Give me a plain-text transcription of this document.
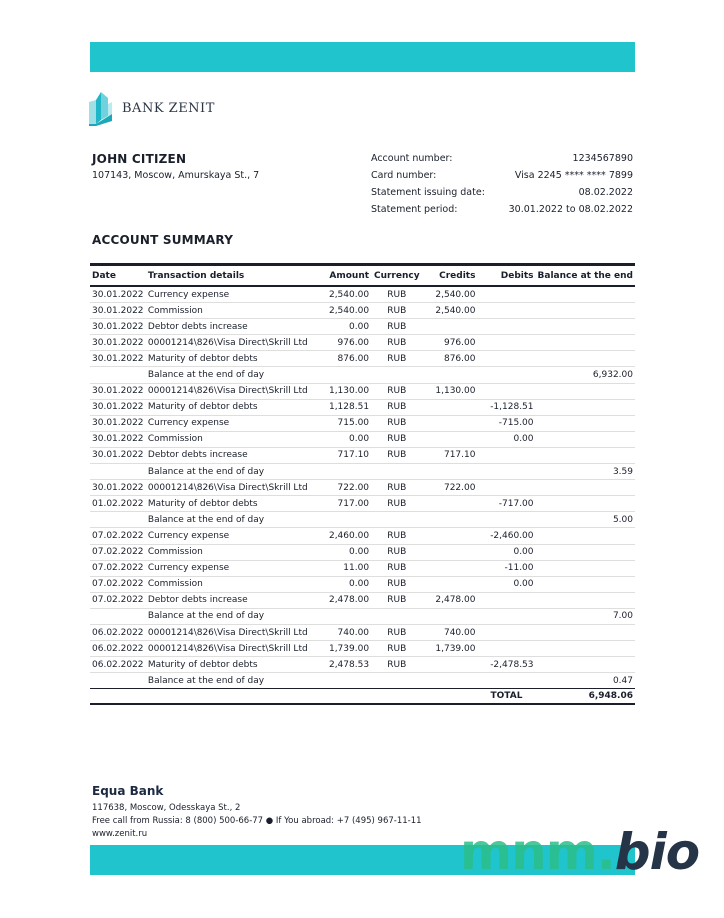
BANK ZENIT
JOHN CITIZEN
107143, Moscow, Amurskaya St., 7
Account number:	1234567890
Card number:	Visa 2245 **** **** 7899
Statement issuing date:	08.02.2022
Statement period:	30.01.2022 to 08.02.2022
ACCOUNT SUMMARY
Date	Transaction details	Amount	Currency	Credits	Debits	Balance at the end
30.01.2022	Currency expense	2,540.00	RUB	2,540.00		
30.01.2022	Commission	2,540.00	RUB	2,540.00		
30.01.2022	Debtor debts increase	0.00	RUB			
30.01.2022	00001214\826\Visa Direct\Skrill Ltd	976.00	RUB	976.00		
30.01.2022	Maturity of debtor debts	876.00	RUB	876.00		
	Balance at the end of day					6,932.00
30.01.2022	00001214\826\Visa Direct\Skrill Ltd	1,130.00	RUB	1,130.00		
30.01.2022	Maturity of debtor debts	1,128.51	RUB		-1,128.51	
30.01.2022	Currency expense	715.00	RUB		-715.00	
30.01.2022	Commission	0.00	RUB		0.00	
30.01.2022	Debtor debts increase	717.10	RUB	717.10		
	Balance at the end of day					3.59
30.01.2022	00001214\826\Visa Direct\Skrill Ltd	722.00	RUB	722.00		
01.02.2022	Maturity of debtor debts	717.00	RUB		-717.00	
	Balance at the end of day					5.00
07.02.2022	Currency expense	2,460.00	RUB		-2,460.00	
07.02.2022	Commission	0.00	RUB		0.00	
07.02.2022	Currency expense	11.00	RUB		-11.00	
07.02.2022	Commission	0.00	RUB		0.00	
07.02.2022	Debtor debts increase	2,478.00	RUB	2,478.00		
	Balance at the end of day					7.00
06.02.2022	00001214\826\Visa Direct\Skrill Ltd	740.00	RUB	740.00		
06.02.2022	00001214\826\Visa Direct\Skrill Ltd	1,739.00	RUB	1,739.00		
06.02.2022	Maturity of debtor debts	2,478.53	RUB		-2,478.53	
	Balance at the end of day					0.47
					TOTAL	6,948.06
Equa Bank
117638, Moscow, Odesskaya St., 2
Free call from Russia: 8 (800) 500-66-77 ● If You abroad: +7 (495) 967-11-11
www.zenit.ru	mnm.bio
